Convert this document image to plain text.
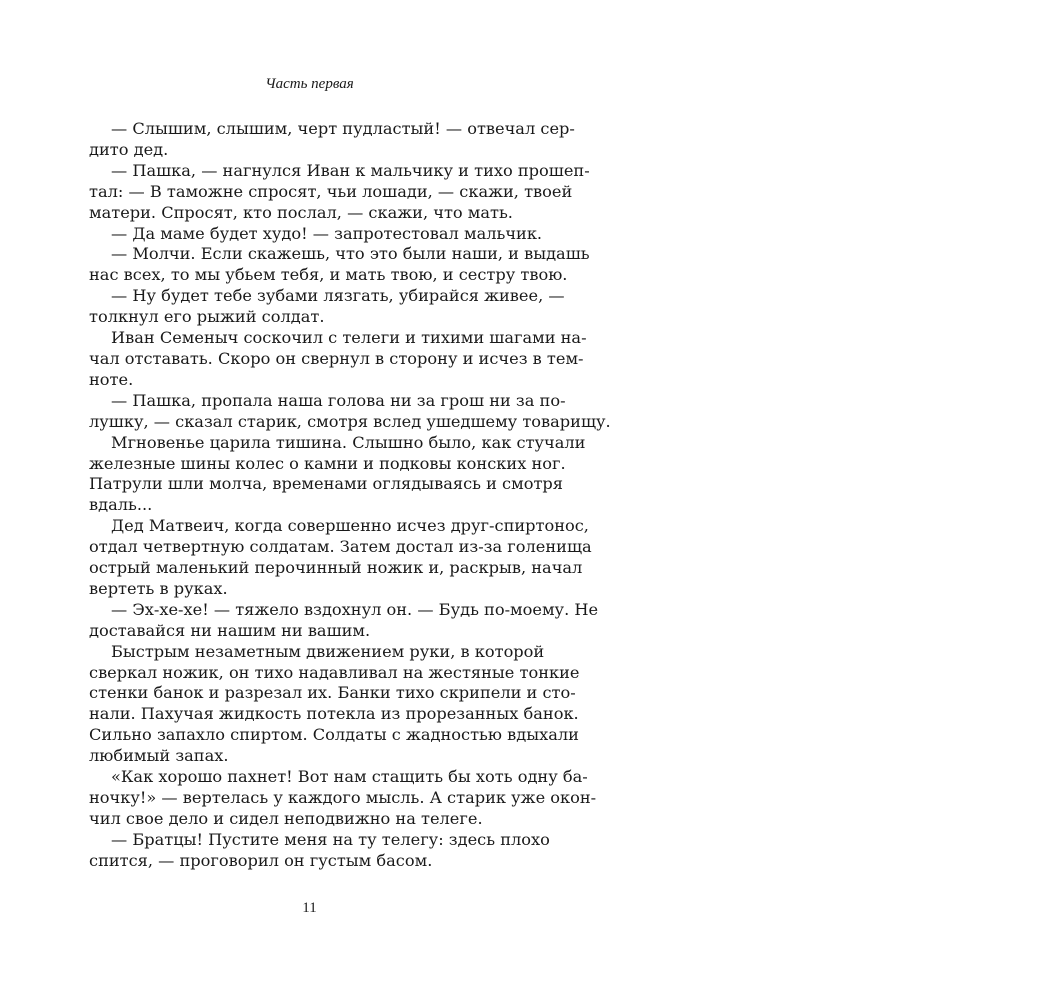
Часть первая
— Слышим, слышим, черт пудластый! — отвечал сер-
дито дед.
— Пашка, — нагнулся Иван к мальчику и тихо прошеп-
тал: — В таможне спросят, чьи лошади, — скажи, твоей
матери. Спросят, кто послал, — скажи, что мать.
— Да маме будет худо! — запротестовал мальчик.
— Молчи. Если скажешь, что это были наши, и выдашь
нас всех, то мы убьем тебя, и мать твою, и сестру твою.
— Ну будет тебе зубами лязгать, убирайся живее, —
толкнул его рыжий солдат.
Иван Семеныч соскочил с телеги и тихими шагами на-
чал отставать. Скоро он свернул в сторону и исчез в тем-
ноте.
— Пашка, пропала наша голова ни за грош ни за по-
лушку, — сказал старик, смотря вслед ушедшему товарищу.
Мгновенье царила тишина. Слышно было, как стучали
железные шины колес о камни и подковы конских ног.
Патрули шли молча, временами оглядываясь и смотря
вдаль...
Дед Матвеич, когда совершенно исчез друг-спиртонос,
отдал четвертную солдатам. Затем достал из-за голенища
острый маленький перочинный ножик и, раскрыв, начал
вертеть в руках.
— Эх-хе-хе! — тяжело вздохнул он. — Будь по-моему. Не
доставайся ни нашим ни вашим.
Быстрым незаметным движением руки, в которой
сверкал ножик, он тихо надавливал на жестяные тонкие
стенки банок и разрезал их. Банки тихо скрипели и сто-
нали. Пахучая жидкость потекла из прорезанных банок.
Сильно запахло спиртом. Солдаты с жадностью вдыхали
любимый запах.
«Как хорошо пахнет! Вот нам стащить бы хоть одну ба-
ночку!» — вертелась у каждого мысль. А старик уже окон-
чил свое дело и сидел неподвижно на телеге.
— Братцы! Пустите меня на ту телегу: здесь плохо
спится, — проговорил он густым басом.
11
